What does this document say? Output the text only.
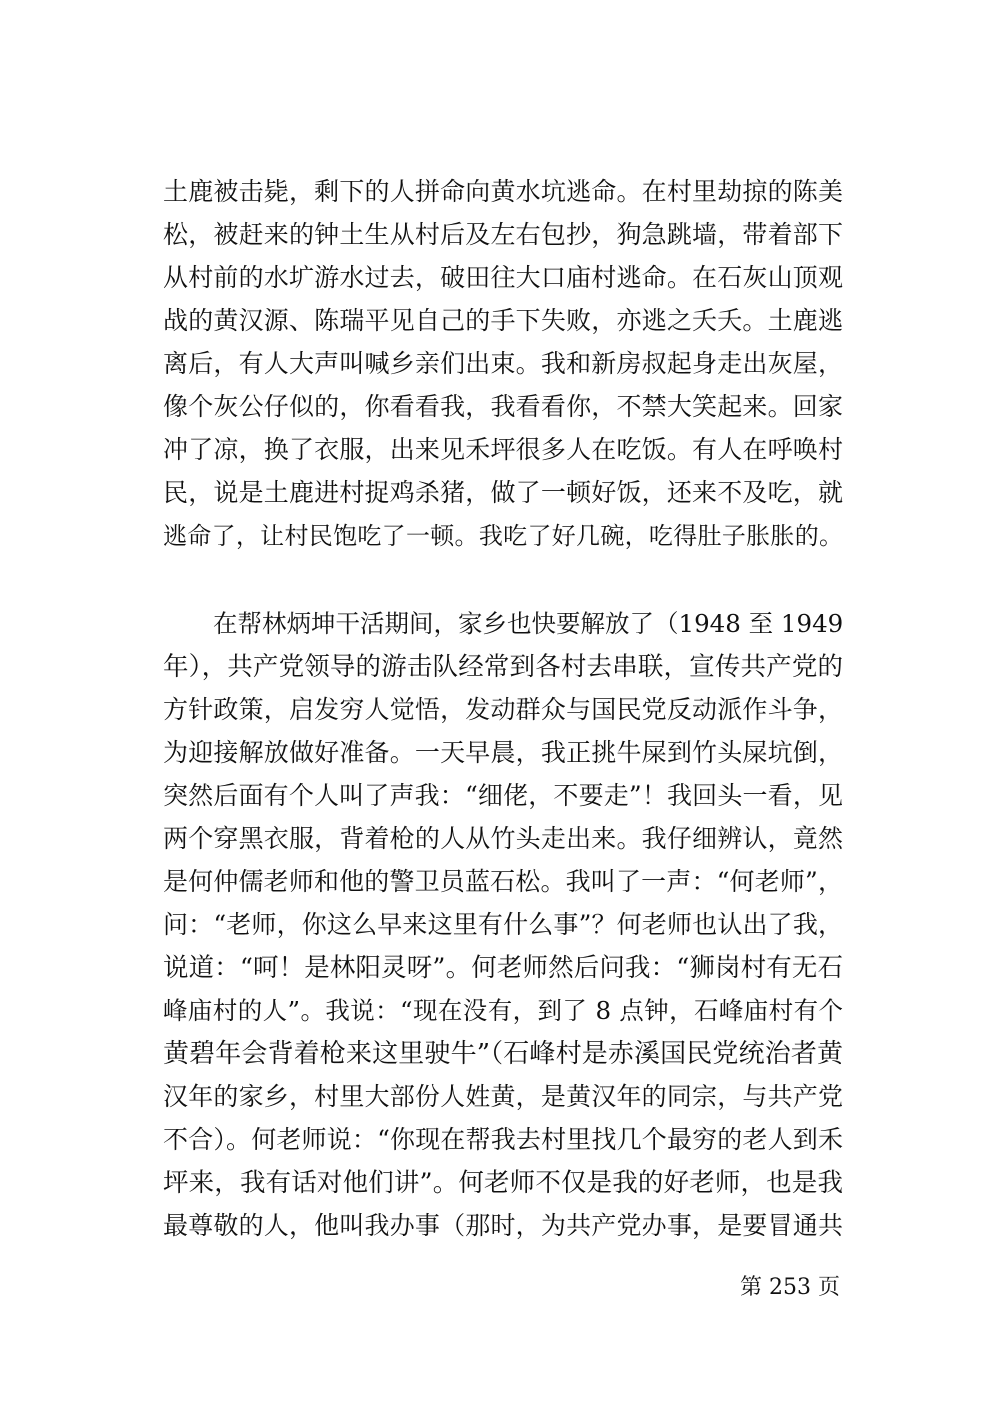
土鹿被击毙，剩下的人拼命向黄水坑逃命。在村里劫掠的陈美
松，被赶来的钟土生从村后及左右包抄，狗急跳墙，带着部下
从村前的水圹游水过去，破田往大口庙村逃命。在石灰山顶观
战的黄汉源、陈瑞平见自己的手下失败，亦逃之夭夭。土鹿逃
离后，有人大声叫喊乡亲们出束。我和新房叔起身走出灰屋，
像个灰公仔似的，你看看我，我看看你，不禁大笑起来。回家
冲了凉，换了衣服，出来见禾坪很多人在吃饭。有人在呼唤村
民，说是土鹿进村捉鸡杀猪，做了一顿好饭，还来不及吃，就
逃命了，让村民饱吃了一顿。我吃了好几碗，吃得肚子胀胀的。
在帮林炳坤干活期间，家乡也快要解放了（1948 至 1949
年），共产党领导的游击队经常到各村去串联，宣传共产党的
方针政策，启发穷人觉悟，发动群众与国民党反动派作斗争，
为迎接解放做好准备。一天早晨，我正挑牛屎到竹头屎坑倒，
突然后面有个人叫了声我：“细佬，不要走”！我回头一看，见
两个穿黑衣服，背着枪的人从竹头走出来。我仔细辨认，竟然
是何仲儒老师和他的警卫员蓝石松。我叫了一声：“何老师”，
问：“老师，你这么早来这里有什么事”？何老师也认出了我，
说道：“呵！是林阳灵呀”。何老师然后问我：“狮岗村有无石
峰庙村的人”。我说：“现在没有，到了 8 点钟，石峰庙村有个
黄碧年会背着枪来这里驶牛”（石峰村是赤溪国民党统治者黄
汉年的家乡，村里大部份人姓黄，是黄汉年的同宗，与共产党
不合）。何老师说：“你现在帮我去村里找几个最穷的老人到禾
坪来，我有话对他们讲”。何老师不仅是我的好老师，也是我
最尊敬的人，他叫我办事（那时，为共产党办事，是要冒通共
第 253 页
